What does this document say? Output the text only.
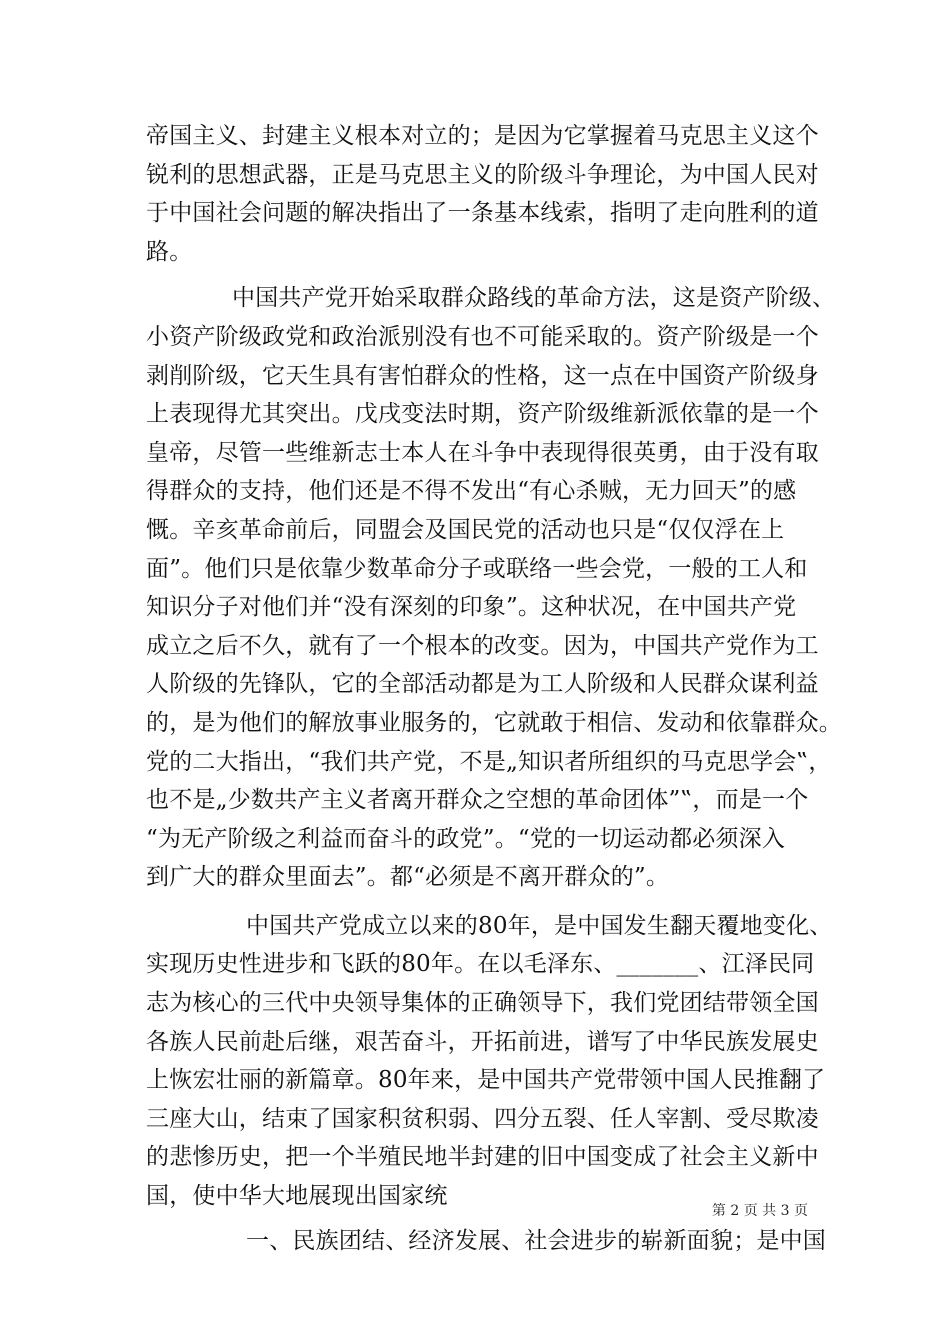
帝国主义、封建主义根本对立的；是因为它掌握着马克思主义这个
锐利的思想武器，正是马克思主义的阶级斗争理论，为中国人民对
于中国社会问题的解决指出了一条基本线索，指明了走向胜利的道
路。
中国共产党开始采取群众路线的革命方法，这是资产阶级、
小资产阶级政党和政治派别没有也不可能采取的。资产阶级是一个
剥削阶级，它天生具有害怕群众的性格，这一点在中国资产阶级身
上表现得尤其突出。戊戌变法时期，资产阶级维新派依靠的是一个
皇帝，尽管一些维新志士本人在斗争中表现得很英勇，由于没有取
得群众的支持，他们还是不得不发出“有心杀贼，无力回天”的感
慨。辛亥革命前后，同盟会及国民党的活动也只是“仅仅浮在上
面”。他们只是依靠少数革命分子或联络一些会党，一般的工人和
知识分子对他们并“没有深刻的印象”。这种状况，在中国共产党
成立之后不久，就有了一个根本的改变。因为，中国共产党作为工
人阶级的先锋队，它的全部活动都是为工人阶级和人民群众谋利益
的，是为他们的解放事业服务的，它就敢于相信、发动和依靠群众。
党的二大指出，“我们共产党，不是„知识者所组织的马克思学会‟，
也不是„少数共产主义者离开群众之空想的革命团体”‟，而是一个
“为无产阶级之利益而奋斗的政党”。“党的一切运动都必须深入
到广大的群众里面去”。都“必须是不离开群众的”。
中国共产党成立以来的80年，是中国发生翻天覆地变化、
实现历史性进步和飞跃的80年。在以毛泽东、_______、江泽民同
志为核心的三代中央领导集体的正确领导下，我们党团结带领全国
各族人民前赴后继，艰苦奋斗，开拓前进，谱写了中华民族发展史
上恢宏壮丽的新篇章。80年来，是中国共产党带领中国人民推翻了
三座大山，结束了国家积贫积弱、四分五裂、任人宰割、受尽欺凌
的悲惨历史，把一个半殖民地半封建的旧中国变成了社会主义新中
国，使中华大地展现出国家统
一、民族团结、经济发展、社会进步的崭新面貌；是中国
第 2 页 共 3 页
